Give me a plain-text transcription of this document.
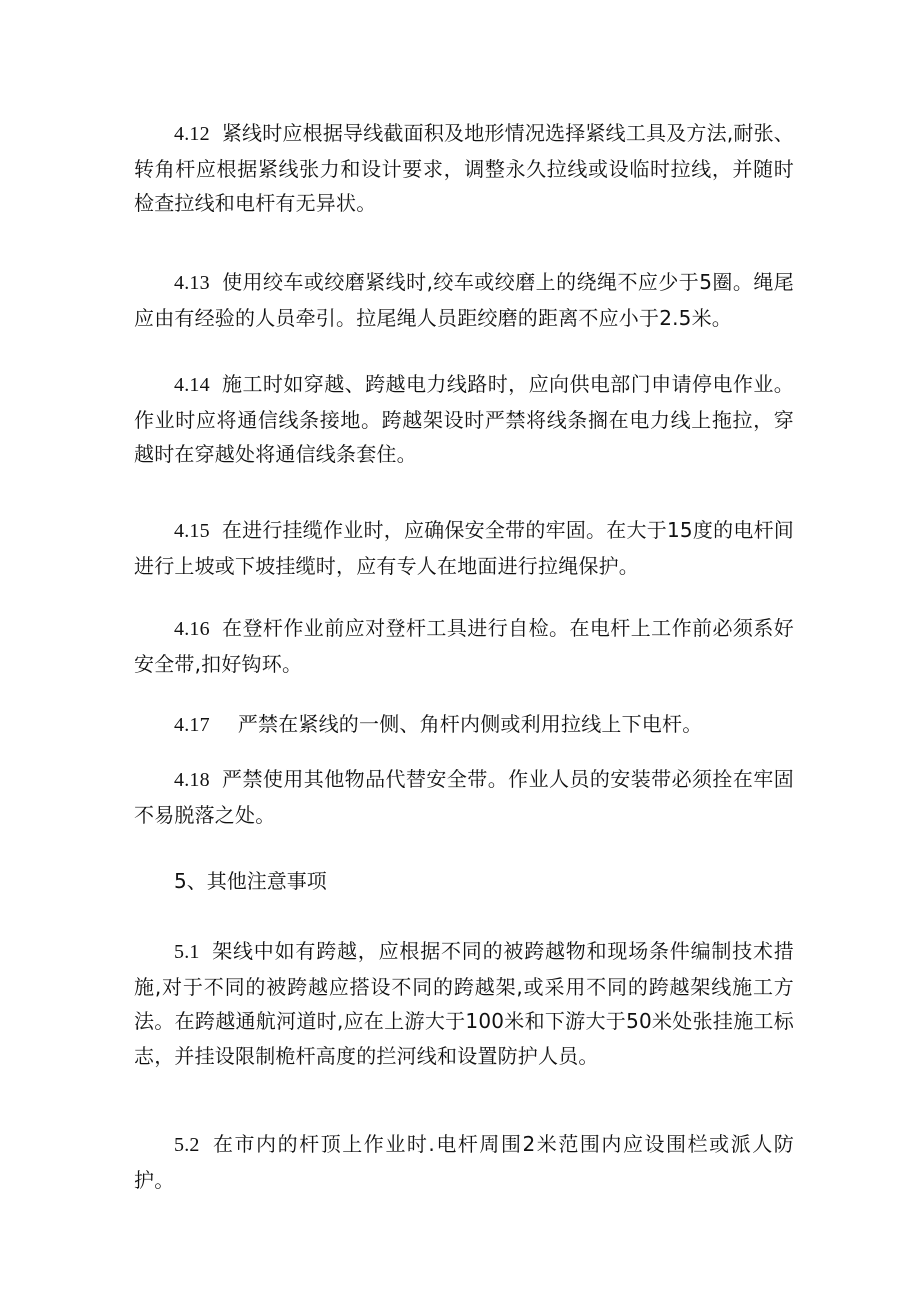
4.12 紧线时应根据导线截面积及地形情况选择紧线工具及方法,耐张、转角杆应根据紧线张力和设计要求，调整永久拉线或设临时拉线，并随时检查拉线和电杆有无异状。

4.13 使用绞车或绞磨紧线时,绞车或绞磨上的绕绳不应少于5圈。绳尾应由有经验的人员牵引。拉尾绳人员距绞磨的距离不应小于2.5米。

4.14 施工时如穿越、跨越电力线路时，应向供电部门申请停电作业。作业时应将通信线条接地。跨越架设时严禁将线条搁在电力线上拖拉，穿越时在穿越处将通信线条套住。

4.15 在进行挂缆作业时，应确保安全带的牢固。在大于15度的电杆间进行上坡或下坡挂缆时，应有专人在地面进行拉绳保护。

4.16 在登杆作业前应对登杆工具进行自检。在电杆上工作前必须系好安全带,扣好钩环。

4.17 严禁在紧线的一侧、角杆内侧或利用拉线上下电杆。

4.18 严禁使用其他物品代替安全带。作业人员的安装带必须拴在牢固不易脱落之处。

5、其他注意事项

5.1 架线中如有跨越，应根据不同的被跨越物和现场条件编制技术措施,对于不同的被跨越应搭设不同的跨越架,或采用不同的跨越架线施工方法。在跨越通航河道时,应在上游大于100米和下游大于50米处张挂施工标志，并挂设限制桅杆高度的拦河线和设置防护人员。

5.2 在市内的杆顶上作业时.电杆周围2米范围内应设围栏或派人防护。
